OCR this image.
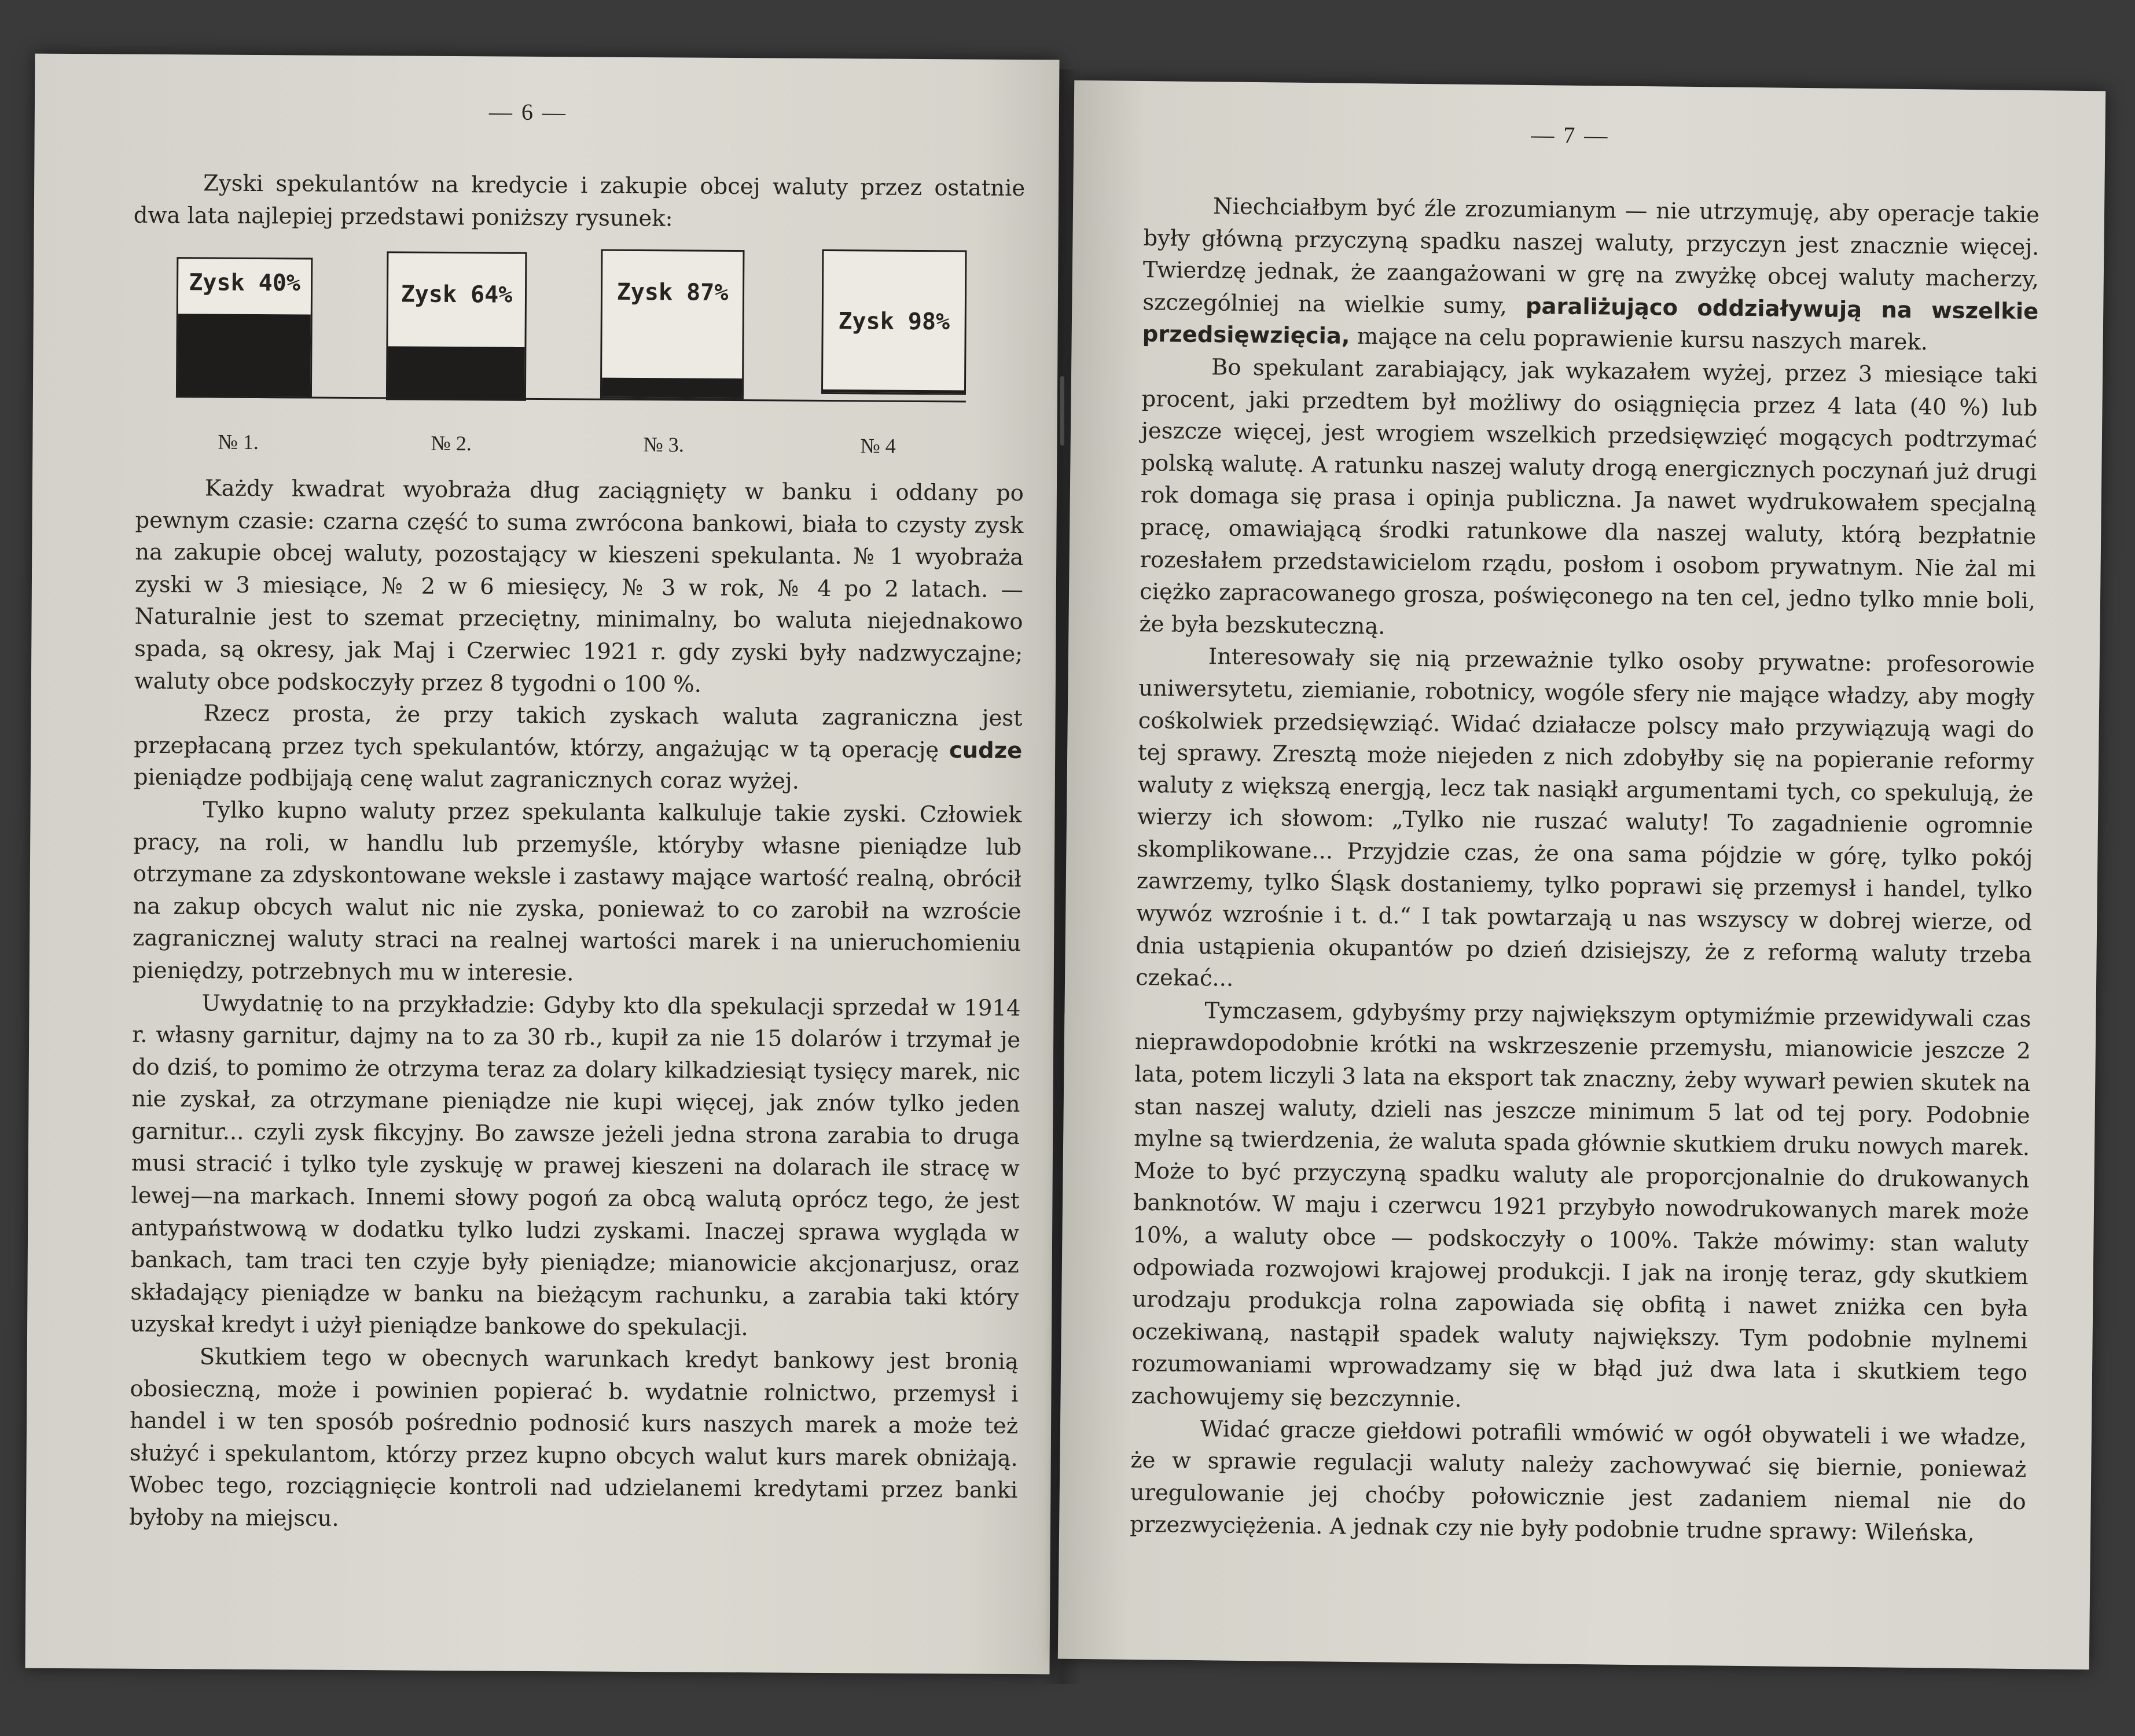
— 6 —

Zyski spekulantów na kredycie i zakupie obcej waluty przez ostatnie dwa lata najlepiej przedstawi poniższy rysunek:

Zysk 40%	Zysk 64%	Zysk 87%
Zysk 98%
№ 1.	№ 2.	№ 3.	№ 4

Każdy kwadrat wyobraża dług zaciągnięty w banku i oddany po pewnym czasie: czarna część to suma zwrócona bankowi, biała to czysty zysk na zakupie obcej waluty, pozostający w kieszeni spekulanta. № 1 wyobraża zyski w 3 miesiące, № 2 w 6 miesięcy, № 3 w rok, № 4 po 2 latach. — Naturalnie jest to szemat przeciętny, minimalny, bo waluta niejednakowo spada, są okresy, jak Maj i Czerwiec 1921 r. gdy zyski były nadzwyczajne; waluty obce podskoczyły przez 8 tygodni o 100 %.

Rzecz prosta, że przy takich zyskach waluta zagraniczna jest przepłacaną przez tych spekulantów, którzy, angażując w tą operację cudze pieniądze podbijają cenę walut zagranicznych coraz wyżej.

Tylko kupno waluty przez spekulanta kalkuluje takie zyski. Człowiek pracy, na roli, w handlu lub przemyśle, któryby własne pieniądze lub otrzymane za zdyskontowane weksle i zastawy mające wartość realną, obrócił na zakup obcych walut nic nie zyska, ponieważ to co zarobił na wzroście zagranicznej waluty straci na realnej wartości marek i na unieruchomieniu pieniędzy, potrzebnych mu w interesie.

Uwydatnię to na przykładzie: Gdyby kto dla spekulacji sprzedał w 1914 r. własny garnitur, dajmy na to za 30 rb., kupił za nie 15 dolarów i trzymał je do dziś, to pomimo że otrzyma teraz za dolary kilkadziesiąt tysięcy marek, nic nie zyskał, za otrzymane pieniądze nie kupi więcej, jak znów tylko jeden garnitur... czyli zysk fikcyjny. Bo zawsze jeżeli jedna strona zarabia to druga musi stracić i tylko tyle zyskuję w prawej kieszeni na dolarach ile stracę w lewej—na markach. Innemi słowy pogoń za obcą walutą oprócz tego, że jest antypaństwową w dodatku tylko ludzi zyskami. Inaczej sprawa wygląda w bankach, tam traci ten czyje były pieniądze; mianowicie akcjonarjusz, oraz składający pieniądze w banku na bieżącym rachunku, a zarabia taki który uzyskał kredyt i użył pieniądze bankowe do spekulacji.

Skutkiem tego w obecnych warunkach kredyt bankowy jest bronią obosieczną, może i powinien popierać b. wydatnie rolnictwo, przemysł i handel i w ten sposób pośrednio podnosić kurs naszych marek a może też służyć i spekulantom, którzy przez kupno obcych walut kurs marek obniżają. Wobec tego, rozciągnięcie kontroli nad udzielanemi kredytami przez banki byłoby na miejscu.

— 7 —

Niechciałbym być źle zrozumianym — nie utrzymuję, aby operacje takie były główną przyczyną spadku naszej waluty, przyczyn jest znacznie więcej. Twierdzę jednak, że zaangażowani w grę na zwyżkę obcej waluty macherzy, szczególniej na wielkie sumy, paraliżująco oddziaływują na wszelkie przedsięwzięcia, mające na celu poprawienie kursu naszych marek.

Bo spekulant zarabiający, jak wykazałem wyżej, przez 3 miesiące taki procent, jaki przedtem był możliwy do osiągnięcia przez 4 lata (40 %) lub jeszcze więcej, jest wrogiem wszelkich przedsięwzięć mogących podtrzymać polską walutę. A ratunku naszej waluty drogą energicznych poczynań już drugi rok domaga się prasa i opinja publiczna. Ja nawet wydrukowałem specjalną pracę, omawiającą środki ratunkowe dla naszej waluty, którą bezpłatnie rozesłałem przedstawicielom rządu, posłom i osobom prywatnym. Nie żal mi ciężko zapracowanego grosza, poświęconego na ten cel, jedno tylko mnie boli, że była bezskuteczną.

Interesowały się nią przeważnie tylko osoby prywatne: profesorowie uniwersytetu, ziemianie, robotnicy, wogóle sfery nie mające władzy, aby mogły cośkolwiek przedsięwziąć. Widać działacze polscy mało przywiązują wagi do tej sprawy. Zresztą może niejeden z nich zdobyłby się na popieranie reformy waluty z większą energją, lecz tak nasiąkł argumentami tych, co spekulują, że wierzy ich słowom: „Tylko nie ruszać waluty! To zagadnienie ogromnie skomplikowane... Przyjdzie czas, że ona sama pójdzie w górę, tylko pokój zawrzemy, tylko Śląsk dostaniemy, tylko poprawi się przemysł i handel, tylko wywóz wzrośnie i t. d.“ I tak powtarzają u nas wszyscy w dobrej wierze, od dnia ustąpienia okupantów po dzień dzisiejszy, że z reformą waluty trzeba czekać...

Tymczasem, gdybyśmy przy największym optymiźmie przewidywali czas nieprawdopodobnie krótki na wskrzeszenie przemysłu, mianowicie jeszcze 2 lata, potem liczyli 3 lata na eksport tak znaczny, żeby wywarł pewien skutek na stan naszej waluty, dzieli nas jeszcze minimum 5 lat od tej pory. Podobnie mylne są twierdzenia, że waluta spada głównie skutkiem druku nowych marek. Może to być przyczyną spadku waluty ale proporcjonalnie do drukowanych banknotów. W maju i czerwcu 1921 przybyło nowodrukowanych marek może 10%, a waluty obce — podskoczyły o 100%. Także mówimy: stan waluty odpowiada rozwojowi krajowej produkcji. I jak na ironję teraz, gdy skutkiem urodzaju produkcja rolna zapowiada się obfitą i nawet zniżka cen była oczekiwaną, nastąpił spadek waluty największy. Tym podobnie mylnemi rozumowaniami wprowadzamy się w błąd już dwa lata i skutkiem tego zachowujemy się bezczynnie.

Widać gracze giełdowi potrafili wmówić w ogół obywateli i we władze, że w sprawie regulacji waluty należy zachowywać się biernie, ponieważ uregulowanie jej choćby połowicznie jest zadaniem niemal nie do przezwyciężenia. A jednak czy nie były podobnie trudne sprawy: Wileńska,
